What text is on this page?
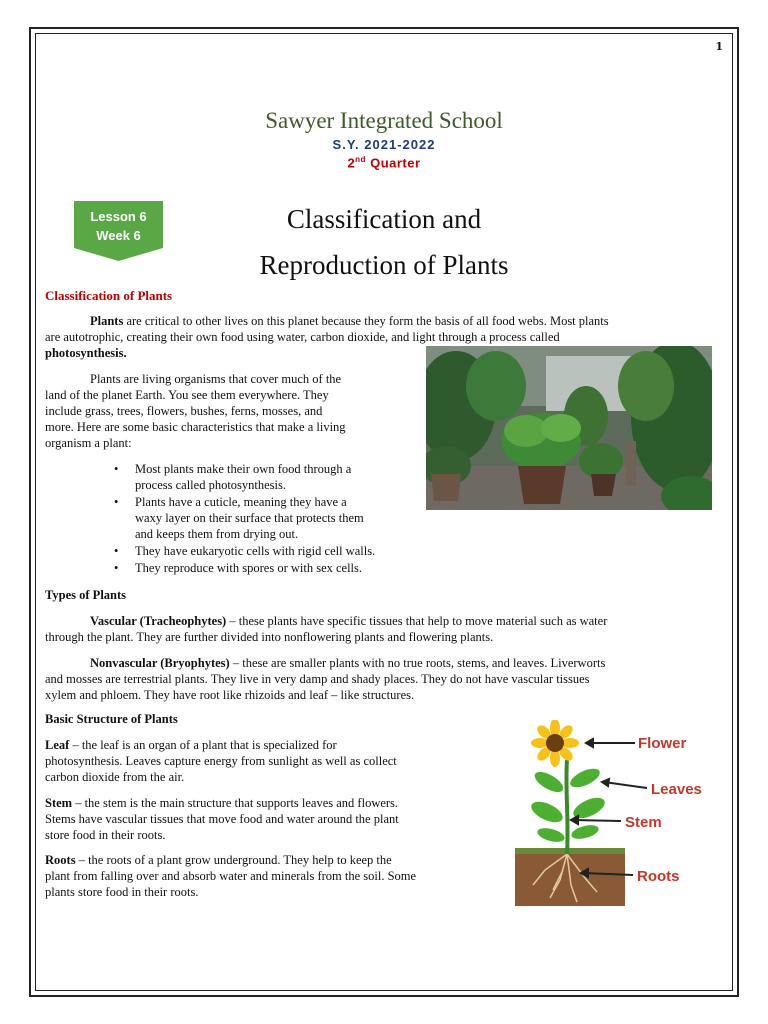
1
Sawyer Integrated School
S.Y. 2021-2022
2nd Quarter
Lesson 6
Week 6
Classification and
Reproduction of Plants
Classification of Plants
Plants are critical to other lives on this planet because they form the basis of all food webs. Most plants
are autotrophic, creating their own food using water, carbon dioxide, and light through a process called
photosynthesis.
Plants are living organisms that cover much of the
land of the planet Earth. You see them everywhere. They
include grass, trees, flowers, bushes, ferns, mosses, and
more. Here are some basic characteristics that make a living
organism a plant:
• Most plants make their own food through a
process called photosynthesis.
• Plants have a cuticle, meaning they have a
waxy layer on their surface that protects them
and keeps them from drying out.
• They have eukaryotic cells with rigid cell walls.
• They reproduce with spores or with sex cells.
Types of Plants
Vascular (Tracheophytes) – these plants have specific tissues that help to move material such as water
through the plant. They are further divided into nonflowering plants and flowering plants.
Nonvascular (Bryophytes) – these are smaller plants with no true roots, stems, and leaves. Liverworts
and mosses are terrestrial plants. They live in very damp and shady places. They do not have vascular tissues
xylem and phloem. They have root like rhizoids and leaf – like structures.
Basic Structure of Plants
Leaf – the leaf is an organ of a plant that is specialized for
photosynthesis. Leaves capture energy from sunlight as well as collect
carbon dioxide from the air.
Stem – the stem is the main structure that supports leaves and flowers.
Stems have vascular tissues that move food and water around the plant
store food in their roots.
Roots – the roots of a plant grow underground. They help to keep the
plant from falling over and absorb water and minerals from the soil. Some
plants store food in their roots.
Flower
Leaves
Stem
Roots
